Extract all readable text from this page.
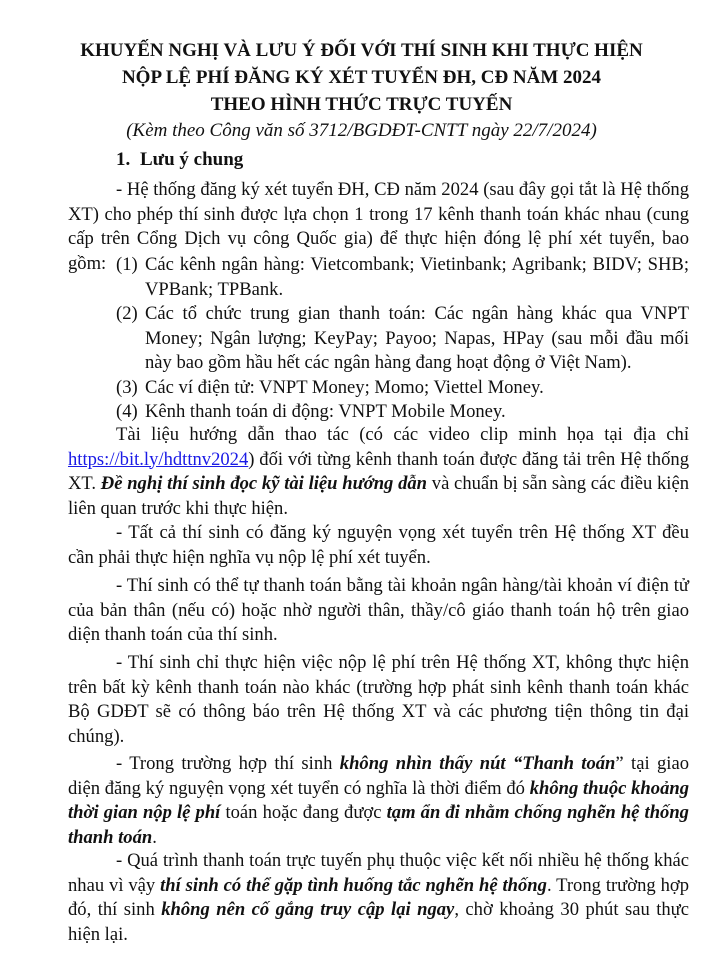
KHUYẾN NGHỊ VÀ LƯU Ý ĐỐI VỚI THÍ SINH KHI THỰC HIỆN
NỘP LỆ PHÍ ĐĂNG KÝ XÉT TUYỂN ĐH, CĐ NĂM 2024
THEO HÌNH THỨC TRỰC TUYẾN
(Kèm theo Công văn số 3712/BGDĐT-CNTT ngày 22/7/2024)
1. Lưu ý chung
- Hệ thống đăng ký xét tuyển ĐH, CĐ năm 2024 (sau đây gọi tắt là Hệ thống XT) cho phép thí sinh được lựa chọn 1 trong 17 kênh thanh toán khác nhau (cung cấp trên Cổng Dịch vụ công Quốc gia) để thực hiện đóng lệ phí xét tuyển, bao gồm: (1) Các kênh ngân hàng: Vietcombank; Vietinbank; Agribank; BIDV; SHB; VPBank; TPBank.
(2) Các tổ chức trung gian thanh toán: Các ngân hàng khác qua VNPT Money; Ngân lượng; KeyPay; Payoo; Napas, HPay (sau mỗi đầu mối này bao gồm hầu hết các ngân hàng đang hoạt động ở Việt Nam).
(3) Các ví điện tử: VNPT Money; Momo; Viettel Money.
(4) Kênh thanh toán di động: VNPT Mobile Money.
Tài liệu hướng dẫn thao tác (có các video clip minh họa tại địa chỉ https://bit.ly/hdttnv2024) đối với từng kênh thanh toán được đăng tải trên Hệ thống XT. Đề nghị thí sinh đọc kỹ tài liệu hướng dẫn và chuẩn bị sẵn sàng các điều kiện liên quan trước khi thực hiện.
- Tất cả thí sinh có đăng ký nguyện vọng xét tuyển trên Hệ thống XT đều cần phải thực hiện nghĩa vụ nộp lệ phí xét tuyển.
- Thí sinh có thể tự thanh toán bằng tài khoản ngân hàng/tài khoản ví điện tử của bản thân (nếu có) hoặc nhờ người thân, thầy/cô giáo thanh toán hộ trên giao diện thanh toán của thí sinh.
- Thí sinh chỉ thực hiện việc nộp lệ phí trên Hệ thống XT, không thực hiện trên bất kỳ kênh thanh toán nào khác (trường hợp phát sinh kênh thanh toán khác Bộ GDĐT sẽ có thông báo trên Hệ thống XT và các phương tiện thông tin đại chúng).
- Trong trường hợp thí sinh không nhìn thấy nút “Thanh toán” tại giao diện đăng ký nguyện vọng xét tuyển có nghĩa là thời điểm đó không thuộc khoảng thời gian nộp lệ phí toán hoặc đang được tạm ẩn đi nhằm chống nghẽn hệ thống thanh toán.
- Quá trình thanh toán trực tuyến phụ thuộc việc kết nối nhiều hệ thống khác nhau vì vậy thí sinh có thể gặp tình huống tắc nghẽn hệ thống. Trong trường hợp đó, thí sinh không nên cố gắng truy cập lại ngay, chờ khoảng 30 phút sau thực hiện lại.
